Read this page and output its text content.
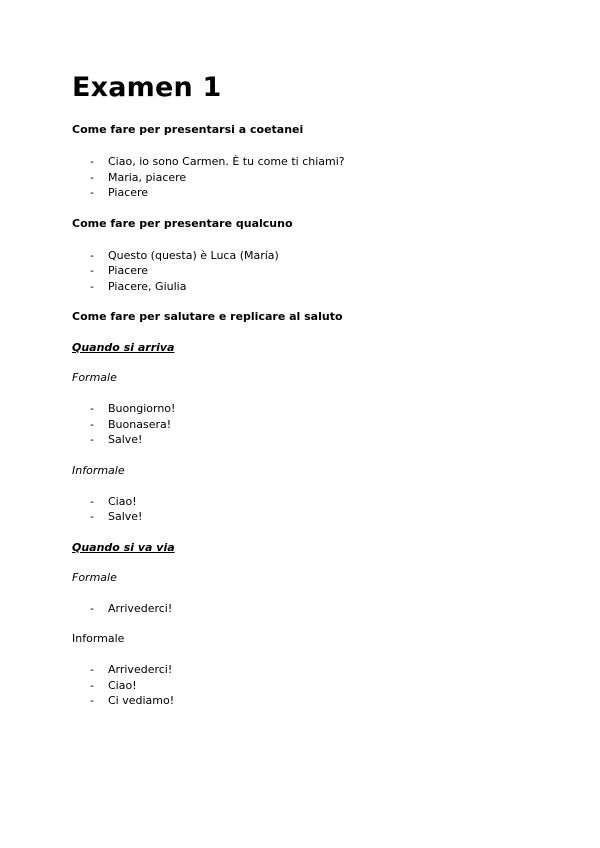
Examen 1

Come fare per presentarsi a coetanei

- Ciao, io sono Carmen. È tu come ti chiami?
- Maria, piacere
- Piacere

Come fare per presentare qualcuno

- Questo (questa) è Luca (María)
- Piacere
- Piacere, Giulia

Come fare per salutare e replicare al saluto

Quando si arriva

Formale

- Buongiorno!
- Buonasera!
- Salve!

Informale

- Ciao!
- Salve!

Quando si va via

Formale

- Arrivederci!

Informale

- Arrivederci!
- Ciao!
- Ci vediamo!
